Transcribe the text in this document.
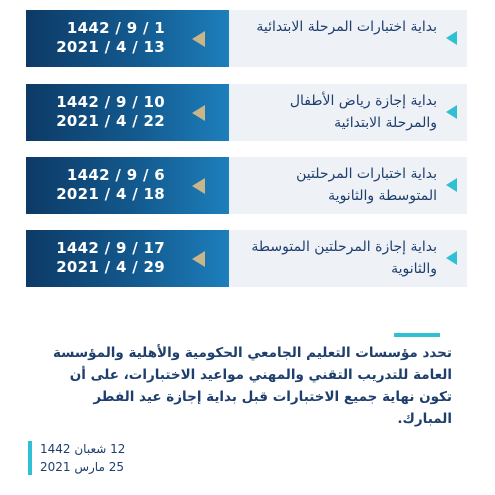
1442 / 9 / 1
2021 / 4 / 13
بداية اختبارات المرحلة الابتدائية
1442 / 9 / 10
2021 / 4 / 22
بداية إجازة رياض الأطفال والمرحلة الابتدائية
1442 / 9 / 6
2021 / 4 / 18
بداية اختبارات المرحلتين المتوسطة والثانوية
1442 / 9 / 17
2021 / 4 / 29
بداية إجازة المرحلتين المتوسطة والثانوية
تحدد مؤسسات التعليم الجامعي الحكومية والأهلية والمؤسسة العامة للتدريب التقني والمهني مواعيد الاختبارات، على أن تكون نهاية جميع الاختبارات قبل بداية إجازة عيد الفطر المبارك.
12 شعبان 1442
25 مارس 2021
